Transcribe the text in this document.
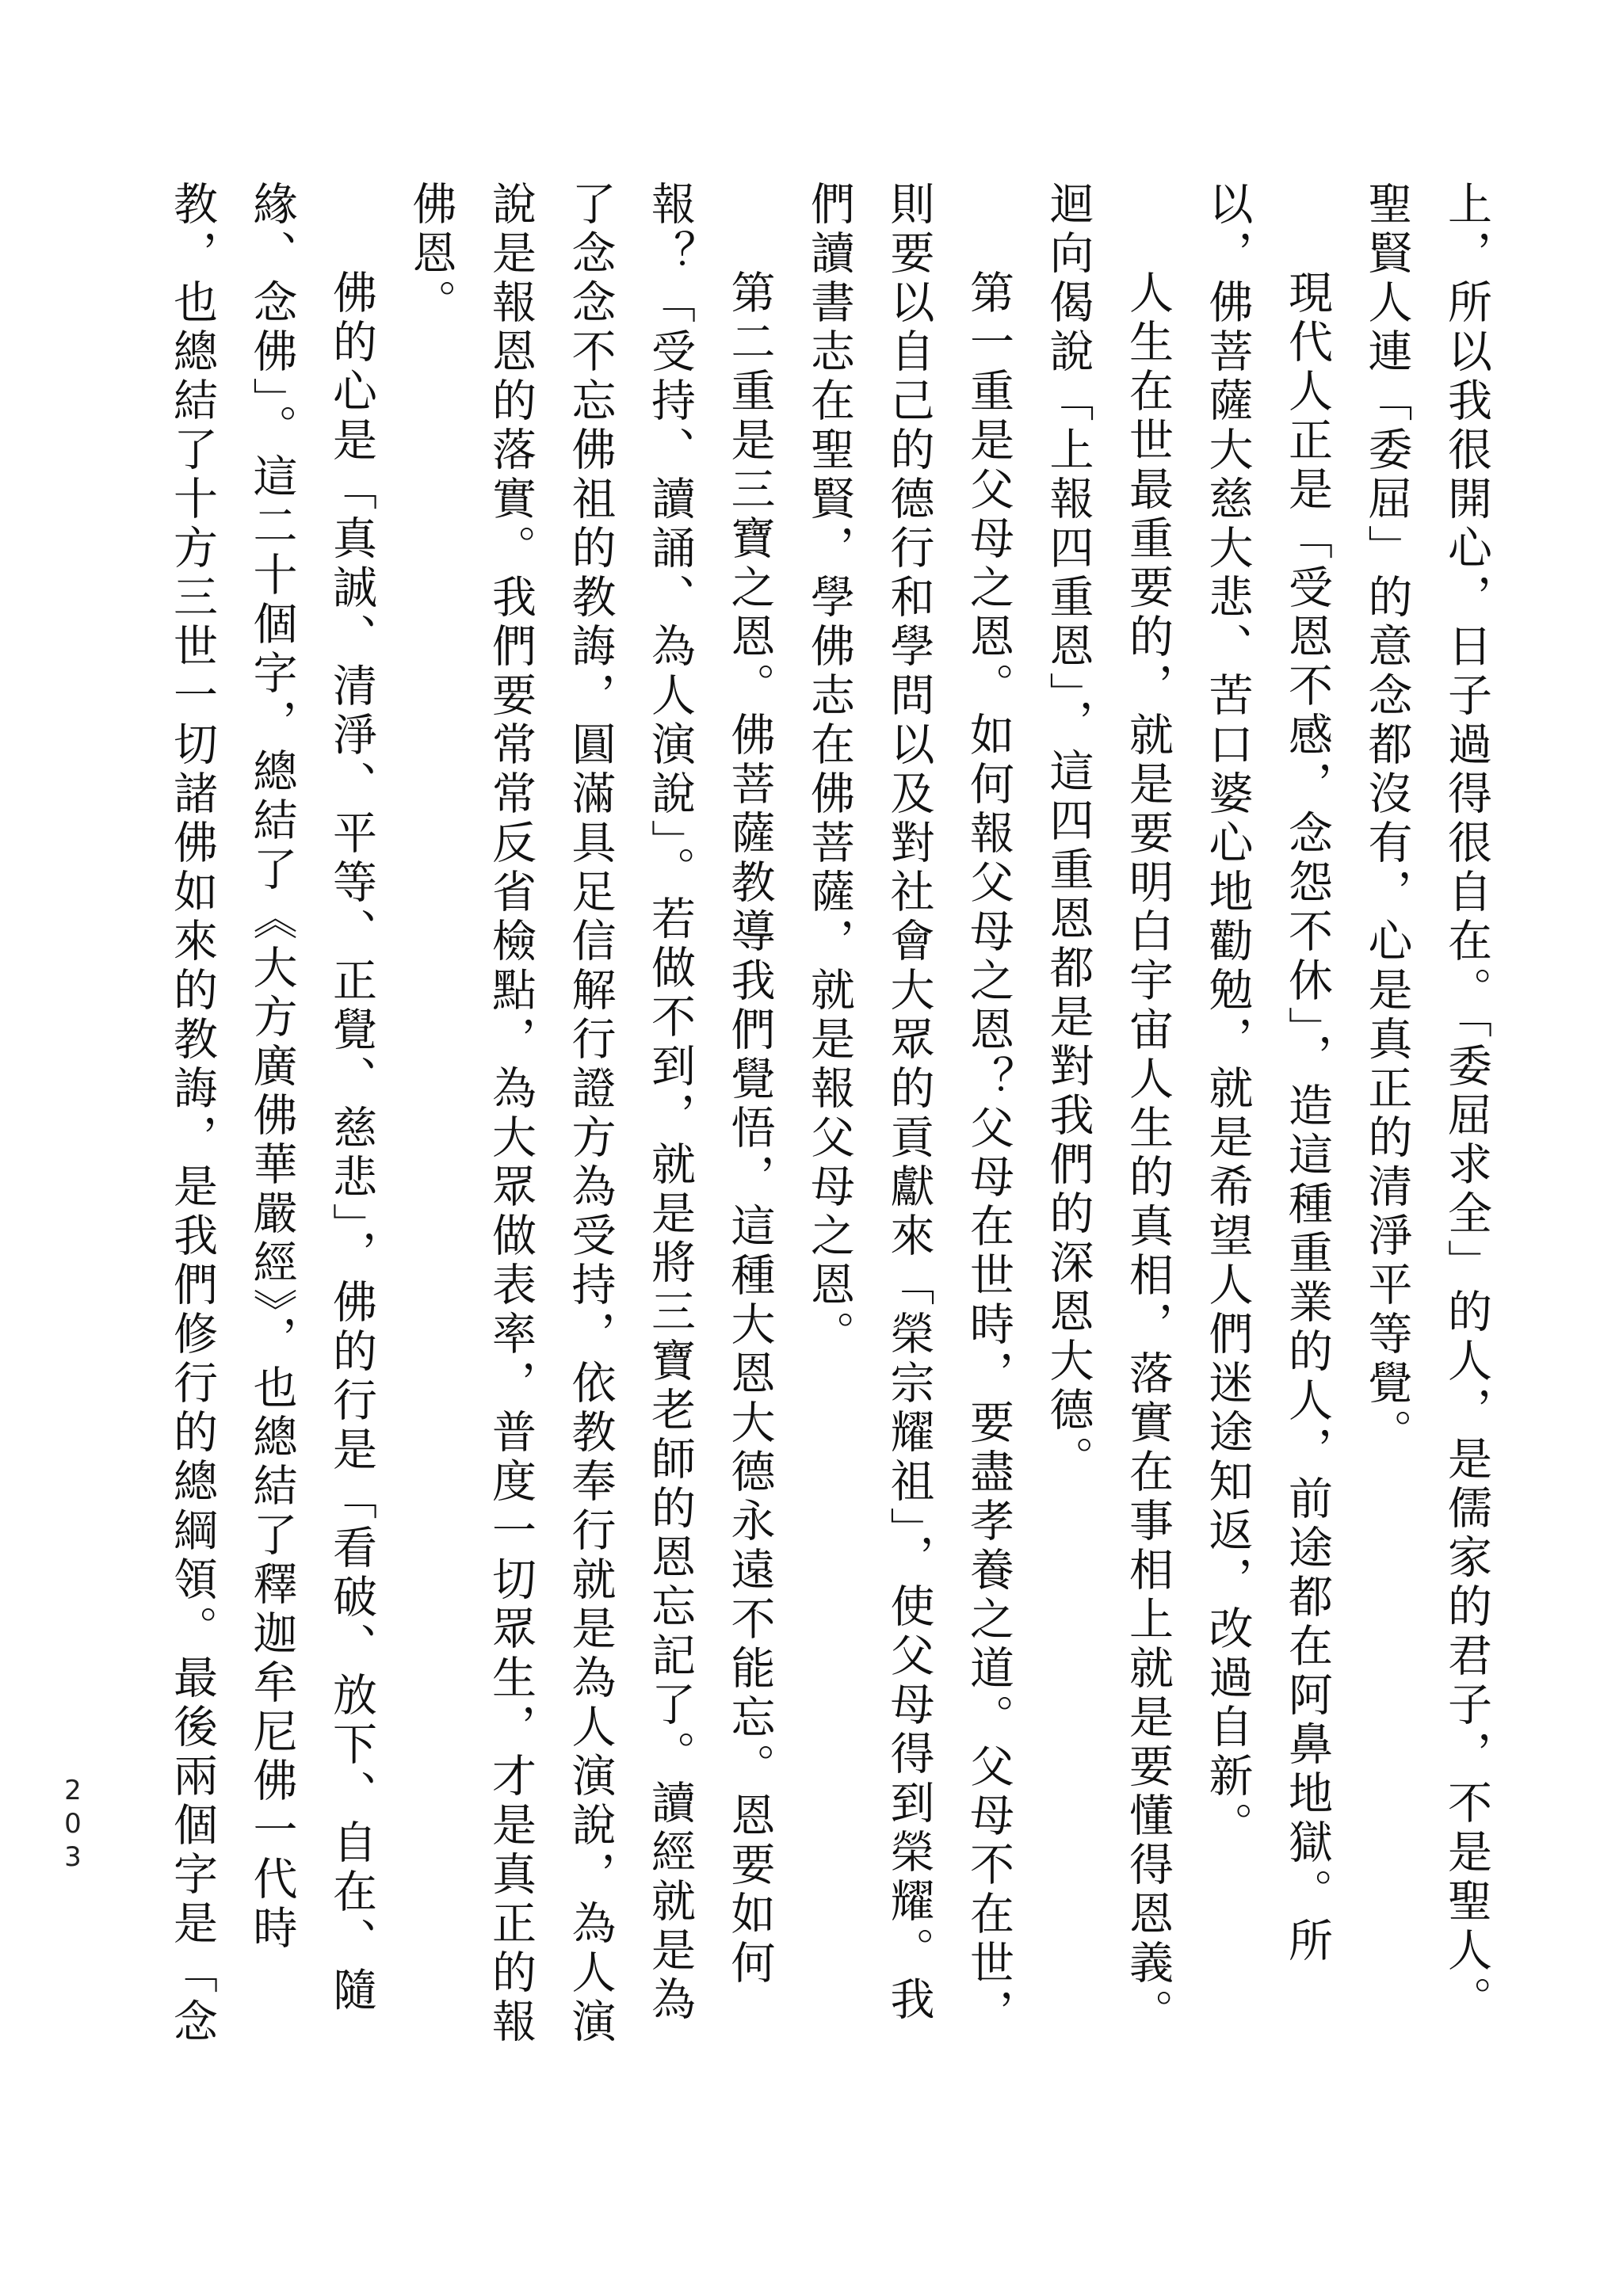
上，所以我很開心，日子過得很自在。「委屈求全」的人，是儒家的君子，不是聖人。

聖賢人連「委屈」的意念都沒有，心是真正的清淨平等覺。

現代人正是「受恩不感，念怨不休」，造這種重業的人，前途都在阿鼻地獄。所

以，佛菩薩大慈大悲、苦口婆心地勸勉，就是希望人們迷途知返，改過自新。

人生在世最重要的，就是要明白宇宙人生的真相，落實在事相上就是要懂得恩義。

迴向偈說「上報四重恩」，這四重恩都是對我們的深恩大德。

第一重是父母之恩。如何報父母之恩？父母在世時，要盡孝養之道。父母不在世，

則要以自己的德行和學問以及對社會大眾的貢獻來「榮宗耀祖」，使父母得到榮耀。我

們讀書志在聖賢，學佛志在佛菩薩，就是報父母之恩。

第二重是三寶之恩。佛菩薩教導我們覺悟，這種大恩大德永遠不能忘。恩要如何

報？「受持、讀誦、為人演說」。若做不到，就是將三寶老師的恩忘記了。讀經就是為

了念念不忘佛祖的教誨，圓滿具足信解行證方為受持，依教奉行就是為人演說，為人演

說是報恩的落實。我們要常常反省檢點，為大眾做表率，普度一切眾生，才是真正的報

佛恩。

佛的心是「真誠、清淨、平等、正覺、慈悲」，佛的行是「看破、放下、自在、隨

緣、念佛」。這二十個字，總結了《大方廣佛華嚴經》，也總結了釋迦牟尼佛一代時

教，也總結了十方三世一切諸佛如來的教誨，是我們修行的總綱領。最後兩個字是「念

203
